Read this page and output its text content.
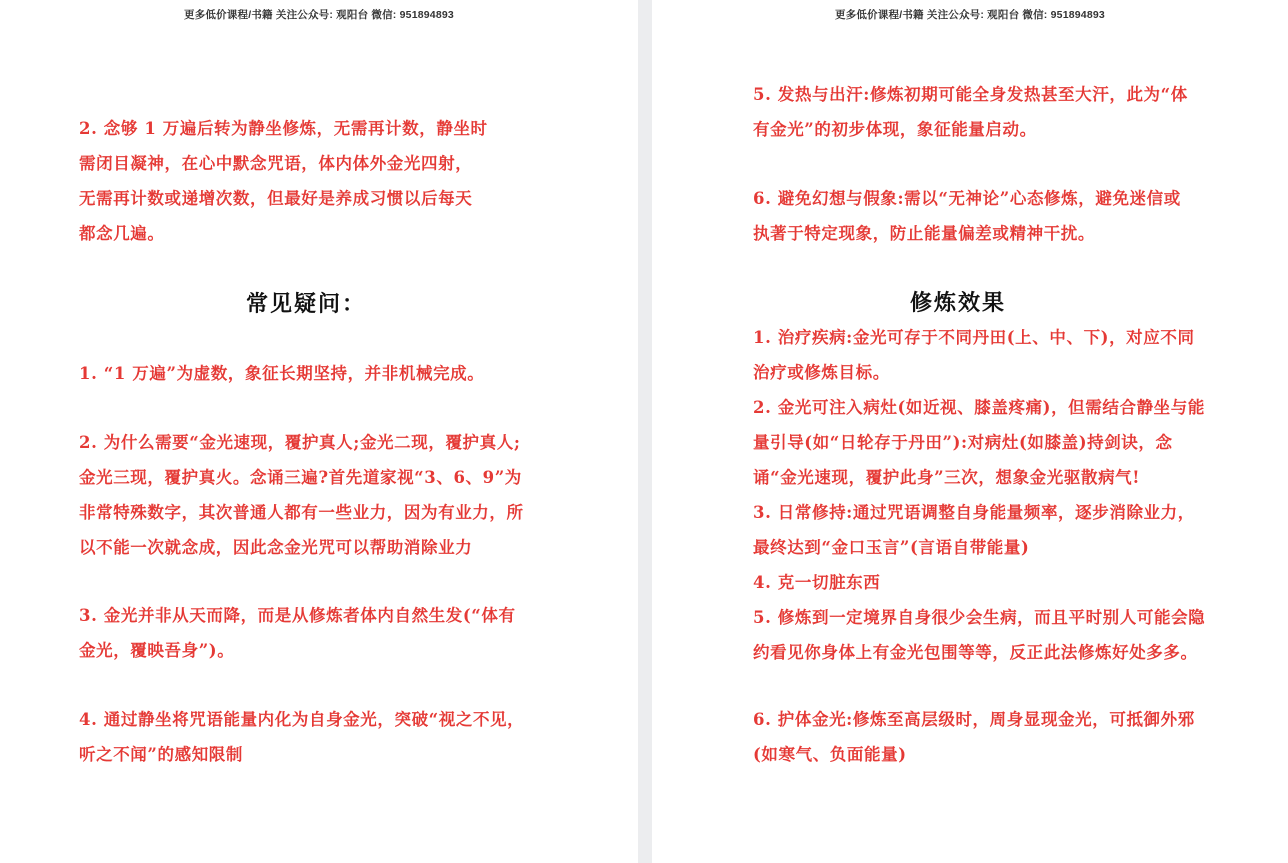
更多低价课程/书籍 关注公众号: 观阳台 微信: 951894893

2. 念够 1 万遍后转为静坐修炼，无需再计数，静坐时
需闭目凝神，在心中默念咒语，体内体外金光四射，
无需再计数或递增次数，但最好是养成习惯以后每天
都念几遍。

常见疑问：

1. “1 万遍”为虚数，象征长期坚持，并非机械完成。

2. 为什么需要“金光速现，覆护真人;金光二现，覆护真人;
金光三现，覆护真火。念诵三遍?首先道家视“3、6、9”为
非常特殊数字，其次普通人都有一些业力，因为有业力，所
以不能一次就念成，因此念金光咒可以帮助消除业力

3. 金光并非从天而降，而是从修炼者体内自然生发(“体有
金光，覆映吾身”)。

4. 通过静坐将咒语能量内化为自身金光，突破“视之不见，
听之不闻”的感知限制

更多低价课程/书籍 关注公众号: 观阳台 微信: 951894893

5. 发热与出汗:修炼初期可能全身发热甚至大汗，此为“体
有金光”的初步体现，象征能量启动。

6. 避免幻想与假象:需以“无神论”心态修炼，避免迷信或
执著于特定现象，防止能量偏差或精神干扰。

修炼效果

1. 治疗疾病:金光可存于不同丹田(上、中、下)，对应不同
治疗或修炼目标。
2. 金光可注入病灶(如近视、膝盖疼痛)，但需结合静坐与能
量引导(如“日轮存于丹田”):对病灶(如膝盖)持剑诀，念
诵“金光速现，覆护此身”三次，想象金光驱散病气!
3. 日常修持:通过咒语调整自身能量频率，逐步消除业力，
最终达到“金口玉言”(言语自带能量)
4. 克一切脏东西
5. 修炼到一定境界自身很少会生病，而且平时别人可能会隐
约看见你身体上有金光包围等等，反正此法修炼好处多多。

6. 护体金光:修炼至高层级时，周身显现金光，可抵御外邪
(如寒气、负面能量)
